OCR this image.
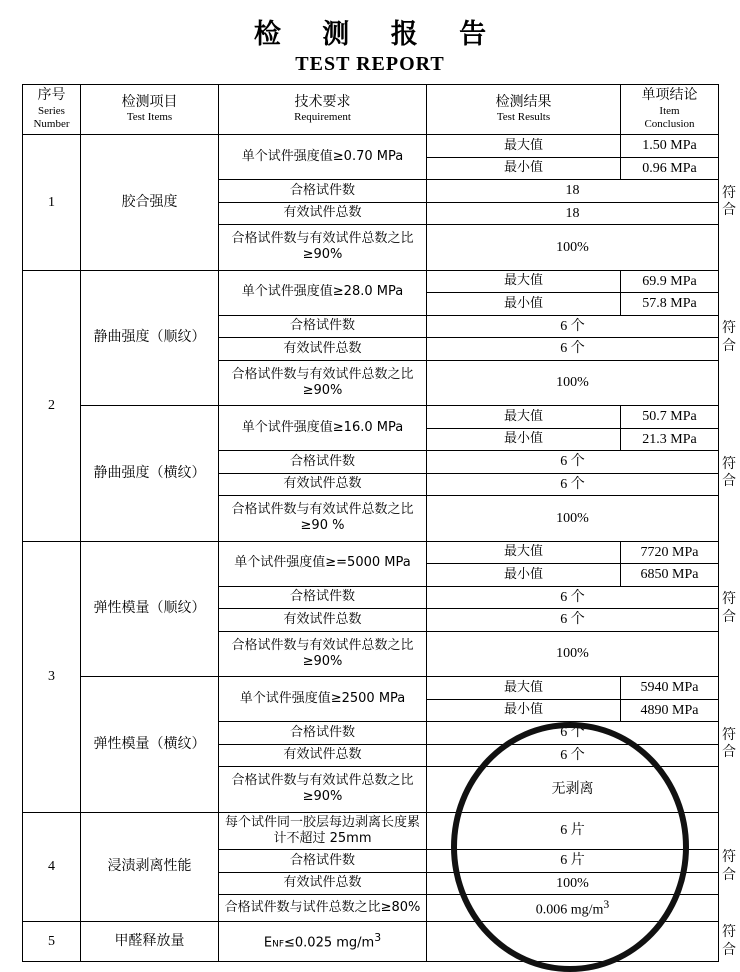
检 测 报 告
TEST REPORT
序号
Series
Number	检测项目
Test Items	技术要求
Requirement	检测结果
Test Results	单项结论
Item
Conclusion	

1	胶合强度	单个试件强度值≥0.70 MPa	最大值	1.50 MPa	符合
			最小值	0.96 MPa	
		合格试件数	18		
		有效试件总数	18		
		合格试件数与有效试件总数之比≥90%	100%		
2	静曲强度（顺纹）	单个试件强度值≥28.0 MPa	最大值	69.9 MPa	符合
			最小值	57.8 MPa	
		合格试件数	6 个		
		有效试件总数	6 个		
		合格试件数与有效试件总数之比≥90%	100%		
	静曲强度（横纹）	单个试件强度值≥16.0 MPa	最大值	50.7 MPa	符合
			最小值	21.3 MPa	
		合格试件数	6 个		
		有效试件总数	6 个		
		合格试件数与有效试件总数之比≥90 %	100%		
3	弹性模量（顺纹）	单个试件强度值≥=5000 MPa	最大值	7720 MPa	符合
			最小值	6850 MPa	
		合格试件数	6 个		
		有效试件总数	6 个		
		合格试件数与有效试件总数之比≥90%	100%		
	弹性模量（横纹）	单个试件强度值≥2500 MPa	最大值	5940 MPa	符合
			最小值	4890 MPa	
		合格试件数	6 个		
		有效试件总数	6 个		
		合格试件数与有效试件总数之比≥90%	无剥离		
4	浸渍剥离性能	每个试件同一胶层每边剥离长度累计不超过 25mm	6 片		符合
		合格试件数	6 片		
		有效试件总数	100%		
		合格试件数与试件总数之比≥80%	0.006 $mg/m^3$
5	甲醛释放量	ENF≤0.025 $mg/m^3$			符合
